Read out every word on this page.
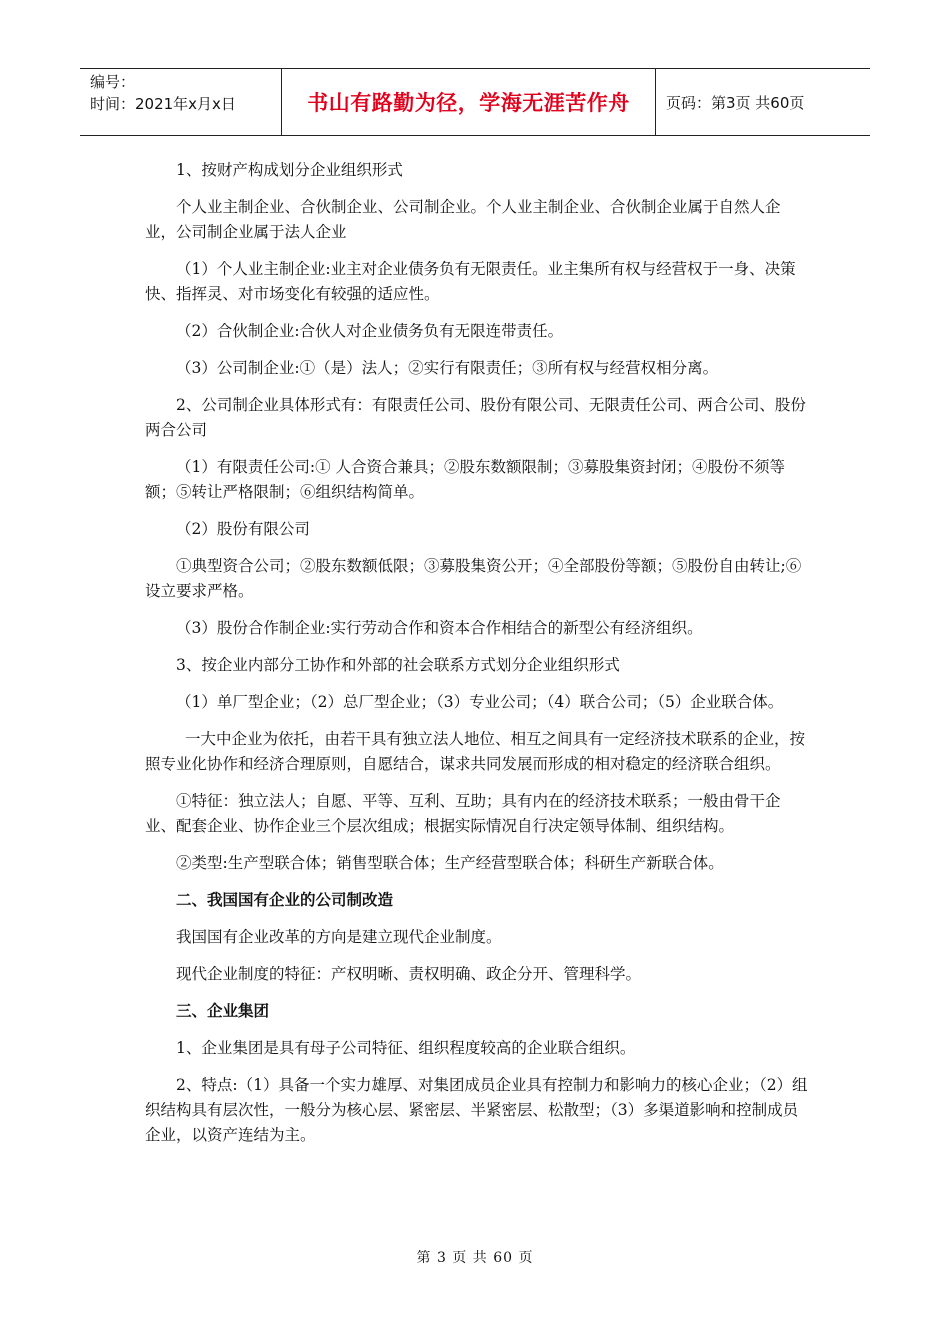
编号：
时间：2021年x月x日	书山有路勤为径，学海无涯苦作舟	页码：第3页 共60页

1、按财产构成划分企业组织形式

个人业主制企业、合伙制企业、公司制企业。个人业主制企业、合伙制企业属于自然人企业，公司制企业属于法人企业

（1）个人业主制企业:业主对企业债务负有无限责任。业主集所有权与经营权于一身、决策快、指挥灵、对市场变化有较强的适应性。

（2）合伙制企业:合伙人对企业债务负有无限连带责任。

（3）公司制企业:①（是）法人；②实行有限责任；③所有权与经营权相分离。

2、公司制企业具体形式有：有限责任公司、股份有限公司、无限责任公司、两合公司、股份两合公司

（1）有限责任公司:① 人合资合兼具；②股东数额限制；③募股集资封闭；④股份不须等额；⑤转让严格限制；⑥组织结构简单。

（2）股份有限公司

①典型资合公司；②股东数额低限；③募股集资公开；④全部股份等额；⑤股份自由转让;⑥ 设立要求严格。

（3）股份合作制企业:实行劳动合作和资本合作相结合的新型公有经济组织。

3、按企业内部分工协作和外部的社会联系方式划分企业组织形式

（1）单厂型企业；（2）总厂型企业；（3）专业公司；（4）联合公司；（5）企业联合体。

一大中企业为依托，由若干具有独立法人地位、相互之间具有一定经济技术联系的企业，按照专业化协作和经济合理原则，自愿结合，谋求共同发展而形成的相对稳定的经济联合组织。

①特征：独立法人；自愿、平等、互利、互助；具有内在的经济技术联系；一般由骨干企业、配套企业、协作企业三个层次组成；根据实际情况自行决定领导体制、组织结构。

②类型:生产型联合体；销售型联合体；生产经营型联合体；科研生产新联合体。

二、我国国有企业的公司制改造

我国国有企业改革的方向是建立现代企业制度。

现代企业制度的特征：产权明晰、责权明确、政企分开、管理科学。

三、企业集团

1、企业集团是具有母子公司特征、组织程度较高的企业联合组织。

2、特点:（1）具备一个实力雄厚、对集团成员企业具有控制力和影响力的核心企业；（2）组织结构具有层次性，一般分为核心层、紧密层、半紧密层、松散型；（3）多渠道影响和控制成员企业，以资产连结为主。

第 3 页 共 60 页
